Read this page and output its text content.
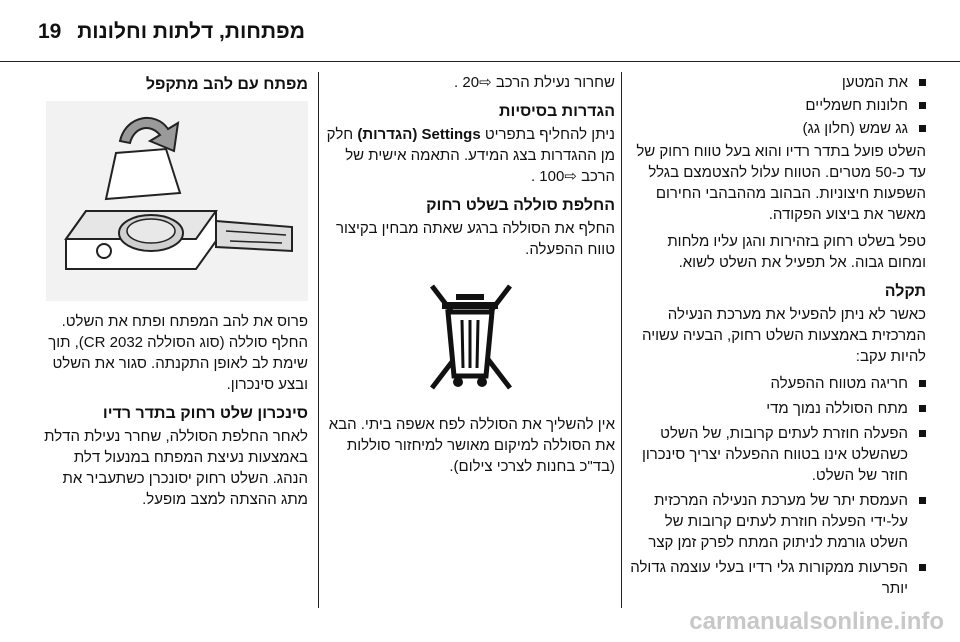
19 מפתחות, דלתות וחלונות
את המטען
חלונות חשמליים
גג שמש (חלון גג)

השלט פועל בתדר רדיו והוא בעל טווח רחוק של עד כ-50 מטרים. הטווח עלול להצטמצם בגלל השפעות חיצוניות. הבהוב מההבהבי החירום מאשר את ביצוע הפקודה.

טפל בשלט רחוק בזהירות והגן עליו מלחות ומחום גבוה. אל תפעיל את השלט לשוא.

תקלה

כאשר לא ניתן להפעיל את מערכת הנעילה המרכזית באמצעות השלט רחוק, הבעיה עשויה להיות עקב:

חריגה מטווח ההפעלה
מתח הסוללה נמוך מדי
הפעלה חוזרת לעתים קרובות, של השלט כשהשלט אינו בטווח ההפעלה יצריך סינכרון חוזר של השלט.
העמסת יתר של מערכת הנעילה המרכזית על-ידי הפעלה חוזרת לעתים קרובות של השלט גורמת לניתוק המתח לפרק זמן קצר
הפרעות ממקורות גלי רדיו בעלי עוצמה גדולה יותר

שחרור נעילת הרכב ⇨. 20

הגדרות בסיסיות

ניתן להחליף בתפריט Settings (הגדרות) חלק מן ההגדרות בצג המידע. התאמה אישית של הרכב ⇨. 100

החלפת סוללה בשלט רחוק

החלף את הסוללה ברגע שאתה מבחין בקיצור טווח ההפעלה.

אין להשליך את הסוללה לפח אשפה ביתי. הבא את הסוללה למיקום מאושר למיחזור סוללות (בד"כ בחנות לצרכי צילום).

מפתח עם להב מתקפל

פרוס את להב המפתח ופתח את השלט. החלף סוללה (סוג הסוללה CR 2032), תוך שימת לב לאופן התקנתה. סגור את השלט ובצע סינכרון.

סינכרון שלט רחוק בתדר רדיו

לאחר החלפת הסוללה, שחרר נעילת הדלת באמצעות נעיצת המפתח במנעול דלת הנהג. השלט רחוק יסונכרן כשתעביר את מתג ההצתה למצב מופעל.

carmanualsonline.info
